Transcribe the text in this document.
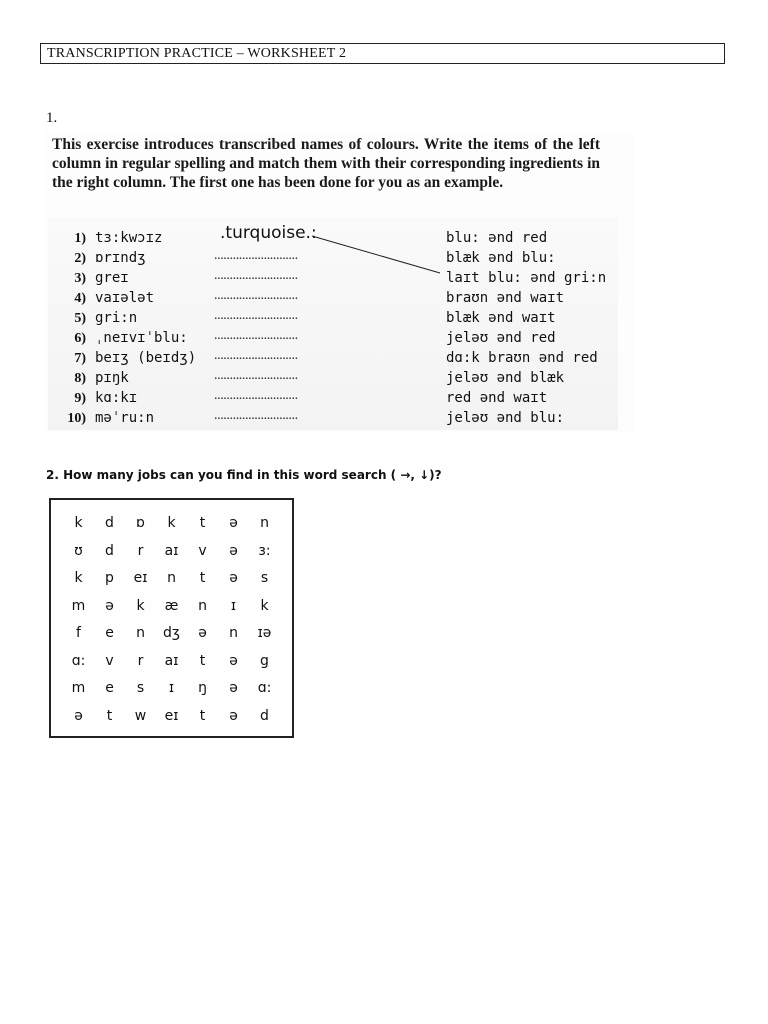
TRANSCRIPTION PRACTICE – WORKSHEET 2
1.
This exercise introduces transcribed names of colours. Write the items of the left column in regular spelling and match them with their corresponding ingredients in the right column. The first one has been done for you as an example.
1) tɜ:kwɔɪz	.turquoise.:	blu: ənd red
2) ɒrɪndʒ	...........................	blæk ənd blu:
3) greɪ	...........................	laɪt blu: ənd gri:n
4) vaɪələt	...........................	braʊn ənd waɪt
5) gri:n	...........................	blæk ənd waɪt
6) ˌneɪvɪˈblu: ...........................	jeləʊ ənd red
7) beɪʒ (beɪdʒ) ...........................	dɑ:k braʊn ənd red
8) pɪŋk	...........................	jeləʊ ənd blæk
9) kɑ:kɪ	...........................	red ənd waɪt
10) məˈru:n	...........................	jeləʊ ənd blu:
2. How many jobs can you find in this word search ( →, ↓)?
k	d	ɒ	k	t	ə	n
ʊ	d	r	aɪ	v	ə	ɜ:
k	p	eɪ	n	t	ə	s
m	ə	k	æ	n	ɪ	k
f	e	n	dʒ	ə	n	ɪə
ɑ:	v	r	aɪ	t	ə	g
m	e	s	ɪ	ŋ	ə	ɑ:
ə	t	w	eɪ	t	ə	d
